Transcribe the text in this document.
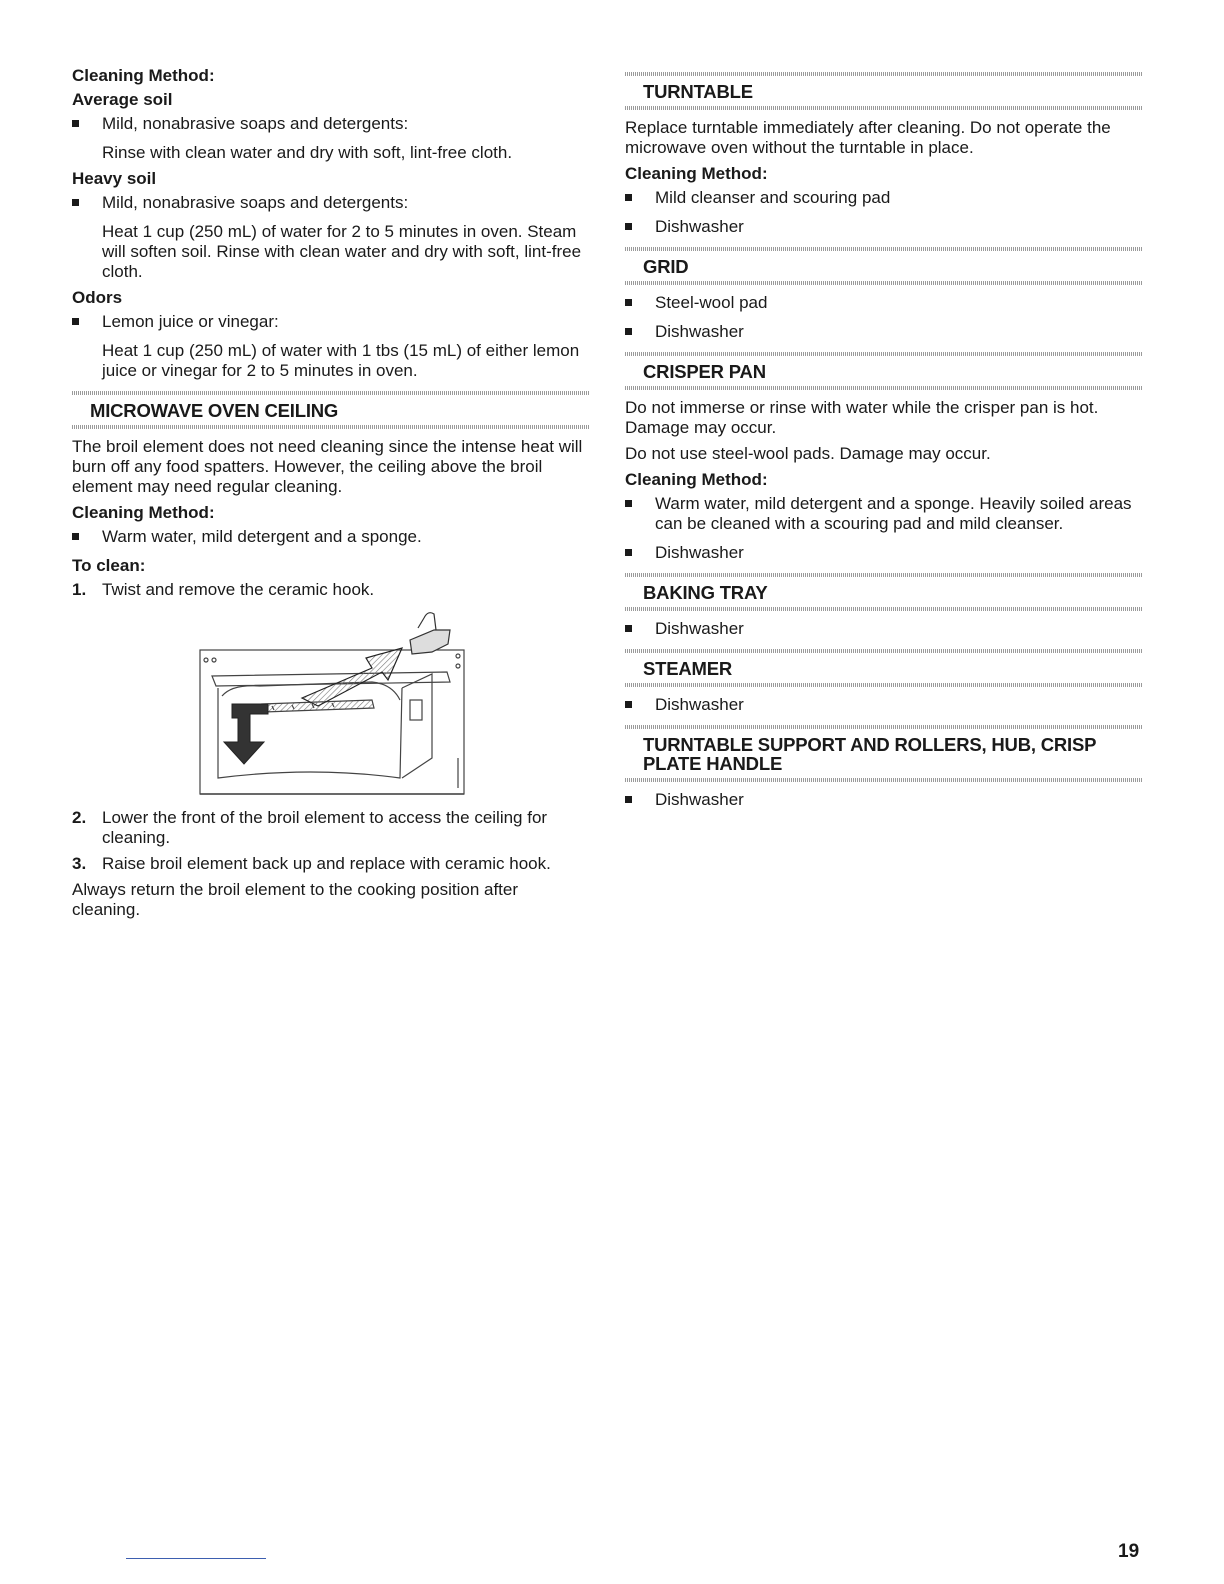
Cleaning Method:
Average soil
Mild, nonabrasive soaps and detergents:

Rinse with clean water and dry with soft, lint-free cloth.

Heavy soil
Mild, nonabrasive soaps and detergents:

Heat 1 cup (250 mL) of water for 2 to 5 minutes in oven. Steam will soften soil. Rinse with clean water and dry with soft, lint-free cloth.

Odors
Lemon juice or vinegar:

Heat 1 cup (250 mL) of water with 1 tbs (15 mL) of either lemon juice or vinegar for 2 to 5 minutes in oven.

MICROWAVE OVEN CEILING

The broil element does not need cleaning since the intense heat will burn off any food spatters. However, the ceiling above the broil element may need regular cleaning.

Cleaning Method:
Warm water, mild detergent and a sponge.
To clean:
1. Twist and remove the ceramic hook.
2. Lower the front of the broil element to access the ceiling for cleaning.
3. Raise broil element back up and replace with ceramic hook.

Always return the broil element to the cooking position after cleaning.

TURNTABLE

Replace turntable immediately after cleaning. Do not operate the microwave oven without the turntable in place.

Cleaning Method:
Mild cleanser and scouring pad
Dishwasher
GRID
Steel-wool pad
Dishwasher
CRISPER PAN

Do not immerse or rinse with water while the crisper pan is hot. Damage may occur.

Do not use steel-wool pads. Damage may occur.

Cleaning Method:
Warm water, mild detergent and a sponge. Heavily soiled areas can be cleaned with a scouring pad and mild cleanser.
Dishwasher
BAKING TRAY
Dishwasher
STEAMER
Dishwasher
TURNTABLE SUPPORT AND ROLLERS, HUB, CRISP PLATE HANDLE
Dishwasher
19
